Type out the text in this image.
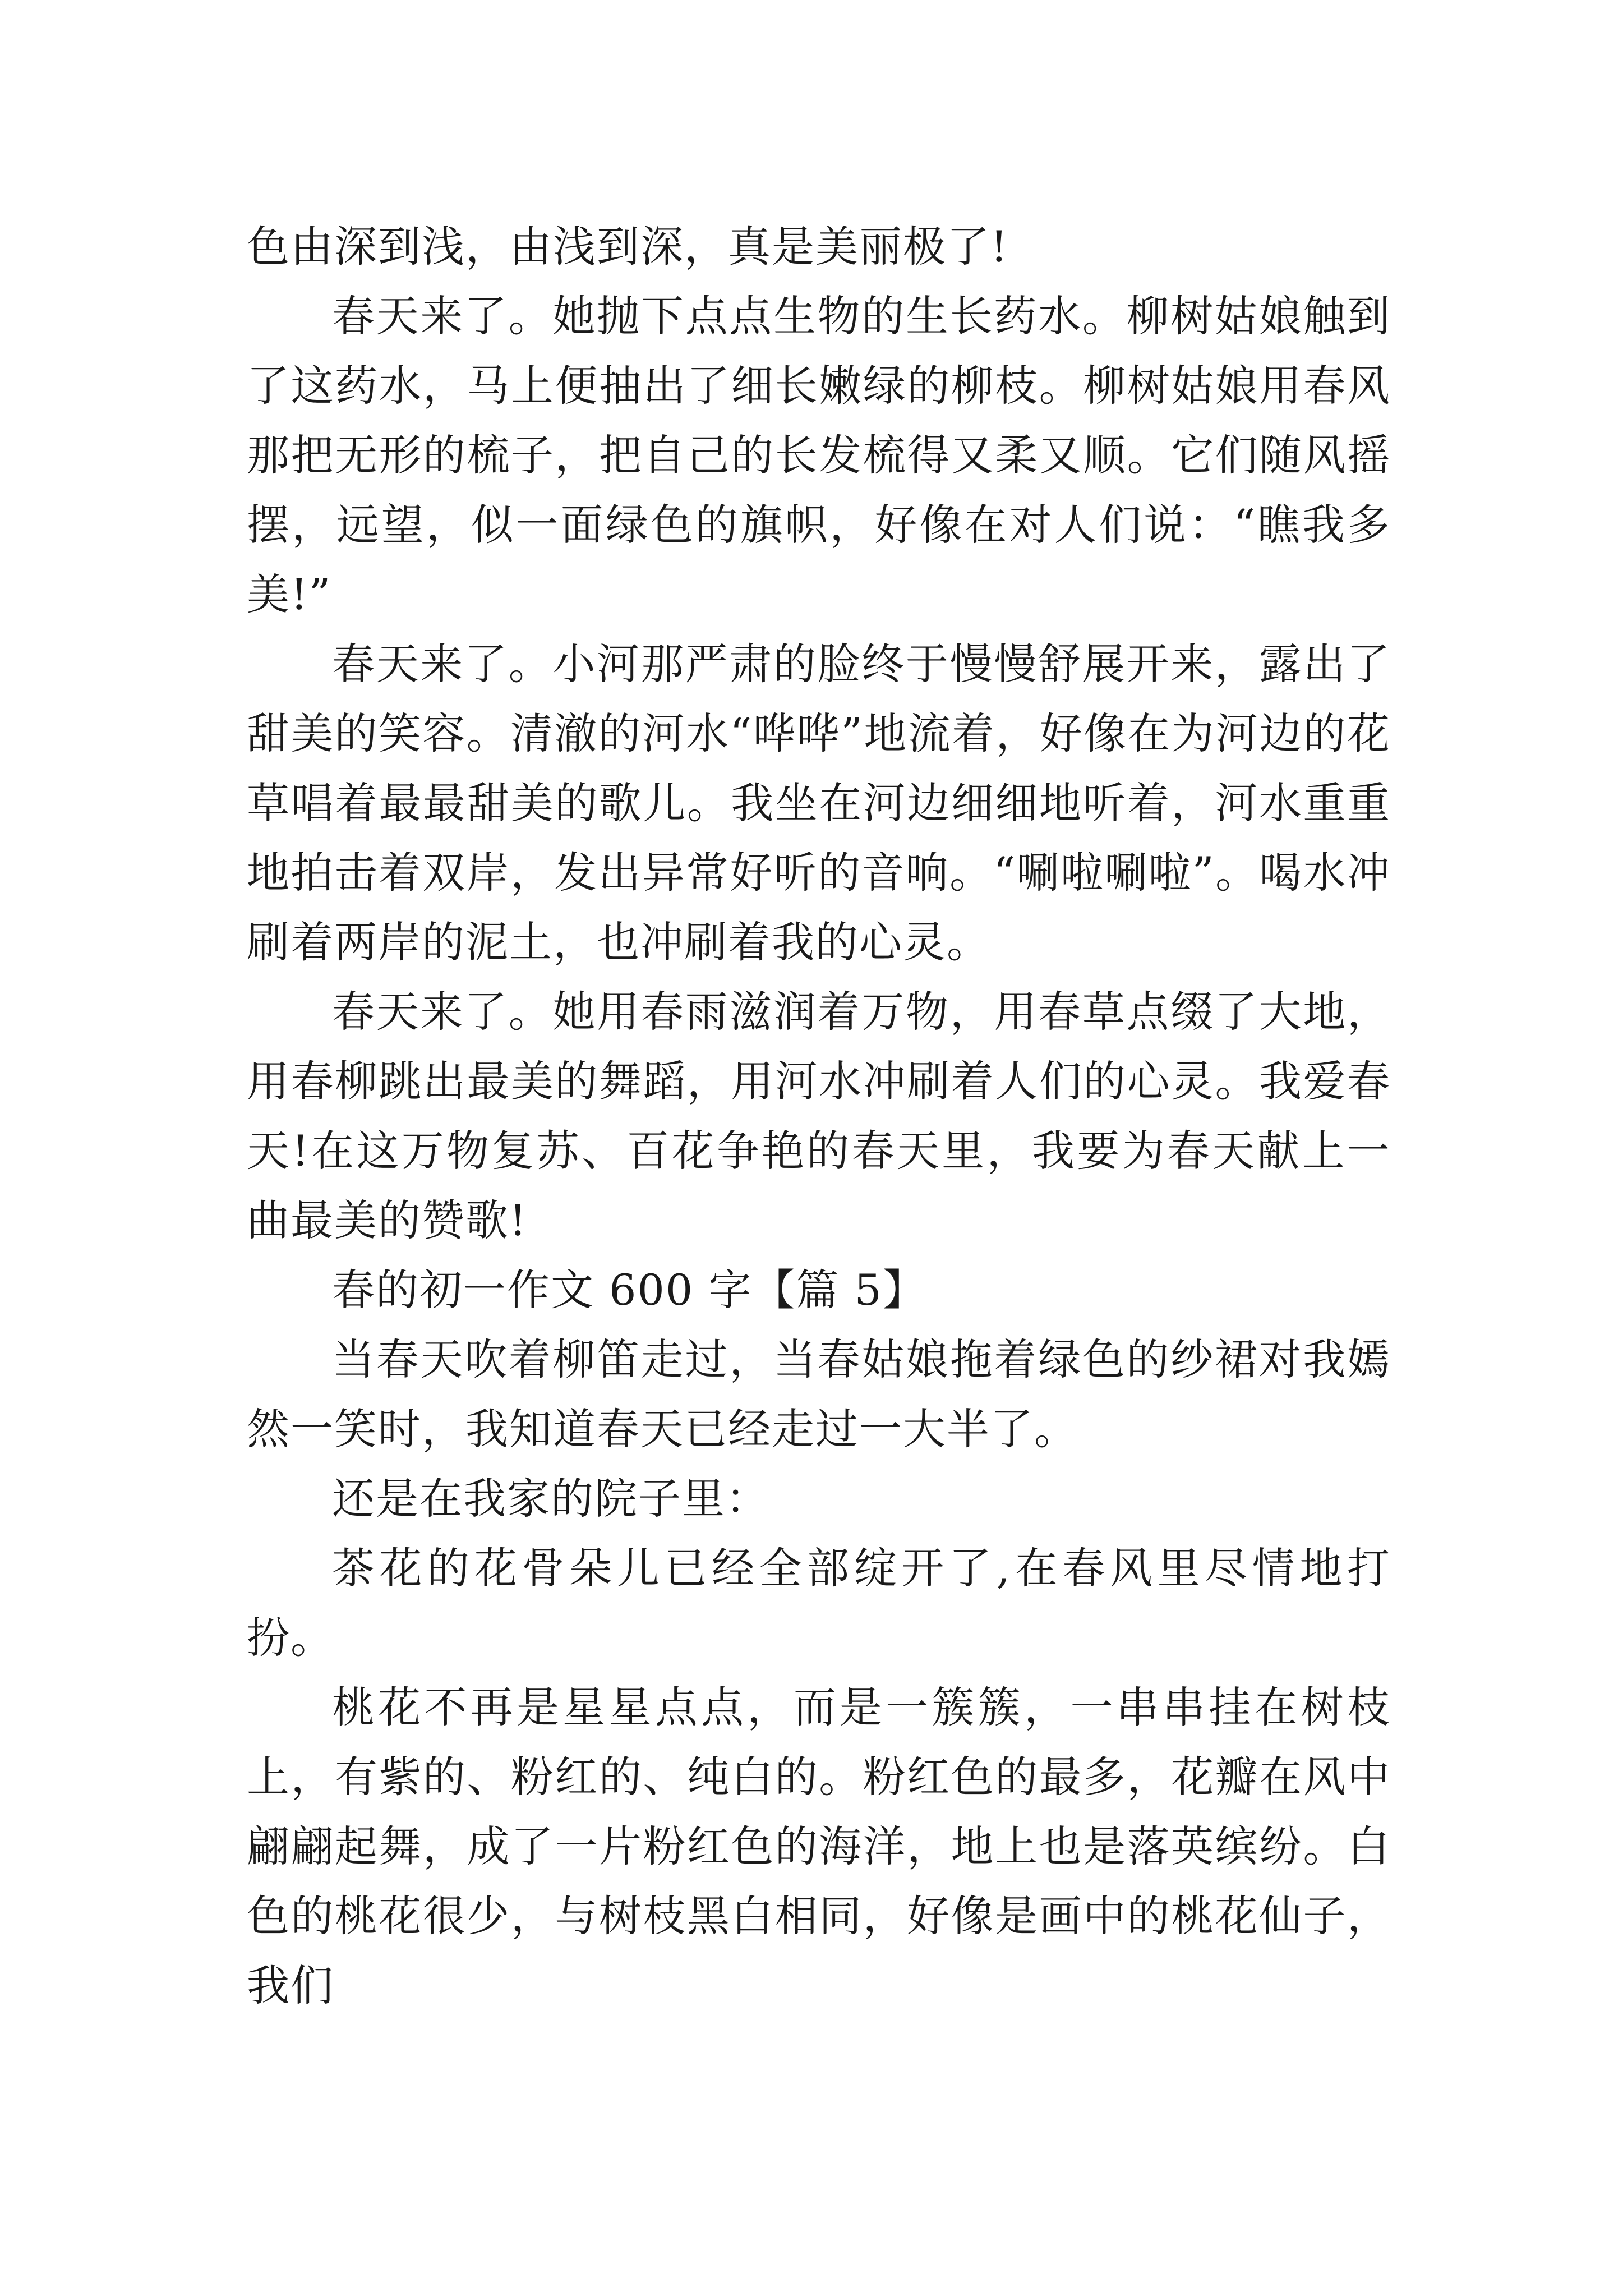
色由深到浅，由浅到深，真是美丽极了!

春天来了。她抛下点点生物的生长药水。柳树姑娘触到了这药水，马上便抽出了细长嫩绿的柳枝。柳树姑娘用春风那把无形的梳子，把自己的长发梳得又柔又顺。它们随风摇摆，远望，似一面绿色的旗帜，好像在对人们说：“瞧我多美!”

春天来了。小河那严肃的脸终于慢慢舒展开来，露出了甜美的笑容。清澈的河水“哗哗”地流着，好像在为河边的花草唱着最最甜美的歌儿。我坐在河边细细地听着，河水重重地拍击着双岸，发出异常好听的音响。“唰啦唰啦”。喝水冲刷着两岸的泥土，也冲刷着我的心灵。

春天来了。她用春雨滋润着万物，用春草点缀了大地，用春柳跳出最美的舞蹈，用河水冲刷着人们的心灵。我爱春天!在这万物复苏、百花争艳的春天里，我要为春天献上一曲最美的赞歌!

春的初一作文 600 字【篇 5】

当春天吹着柳笛走过，当春姑娘拖着绿色的纱裙对我嫣然一笑时，我知道春天已经走过一大半了。

还是在我家的院子里：

茶花的花骨朵儿已经全部绽开了,在春风里尽情地打扮。

桃花不再是星星点点，而是一簇簇，一串串挂在树枝上，有紫的、粉红的、纯白的。粉红色的最多，花瓣在风中翩翩起舞，成了一片粉红色的海洋，地上也是落英缤纷。白色的桃花很少，与树枝黑白相同，好像是画中的桃花仙子，我们
